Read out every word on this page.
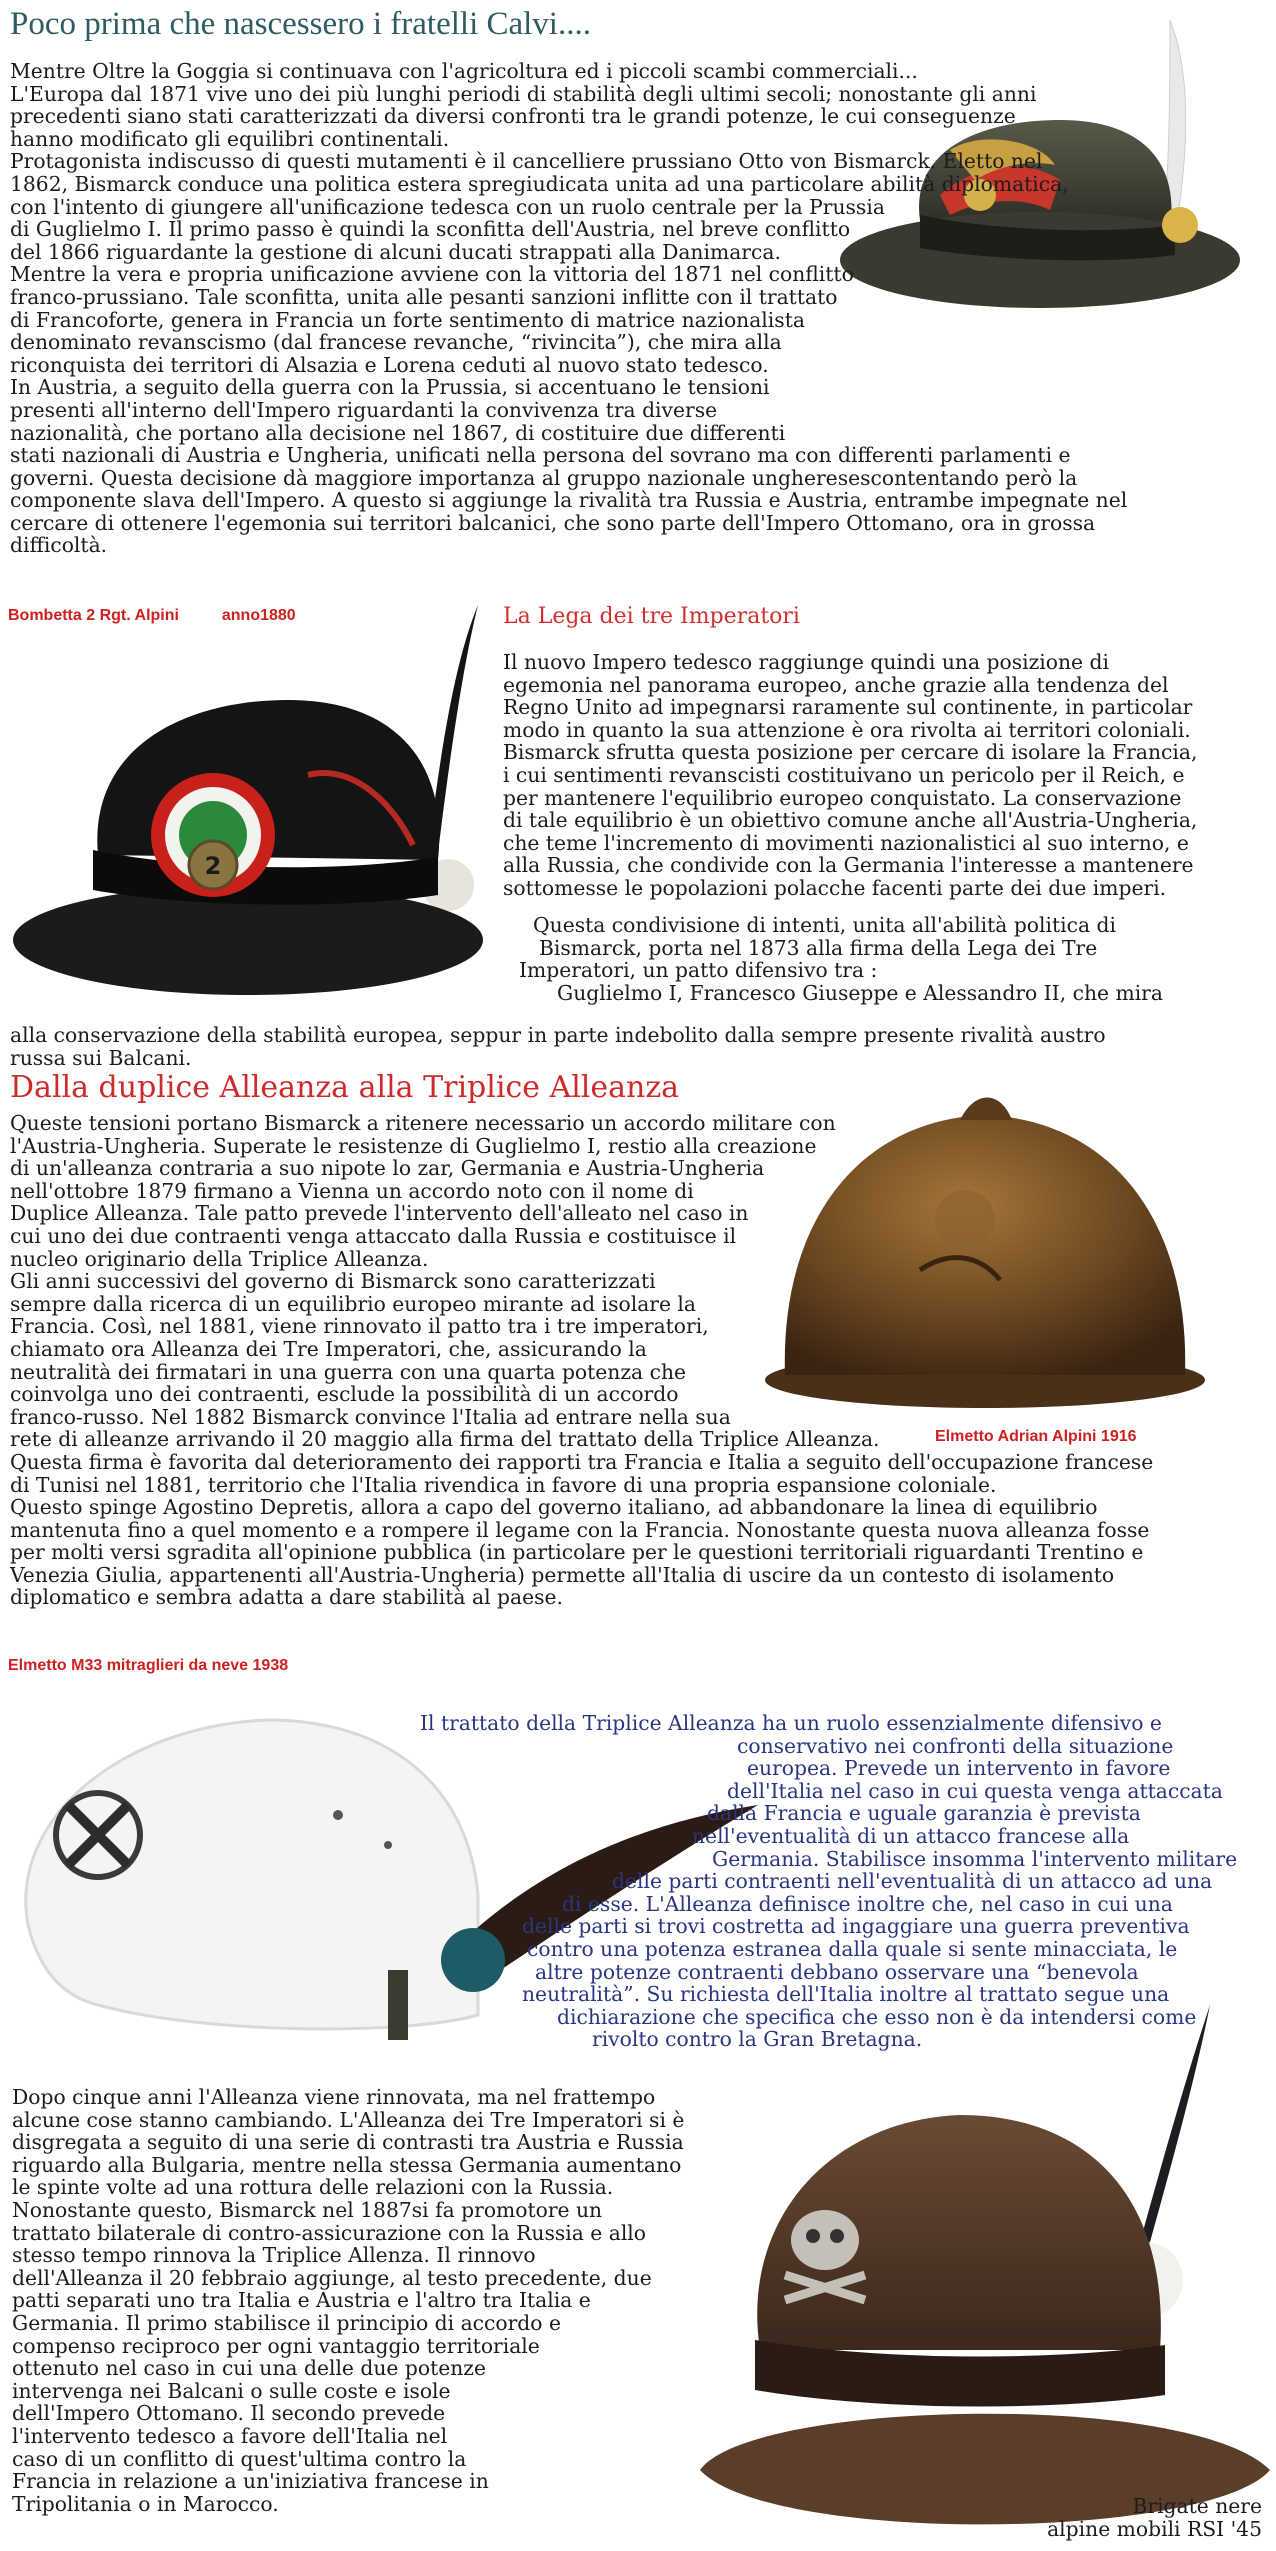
Poco prima che nascessero i fratelli Calvi....
Mentre Oltre la Goggia si continuava con l'agricoltura ed i piccoli scambi commerciali...
L'Europa dal 1871 vive uno dei più lunghi periodi di stabilità degli ultimi secoli; nonostante gli anni
precedenti siano stati caratterizzati da diversi confronti tra le grandi potenze, le cui conseguenze
hanno modificato gli equilibri continentali.
Protagonista indiscusso di questi mutamenti è il cancelliere prussiano Otto von Bismarck. Eletto nel
1862, Bismarck conduce una politica estera spregiudicata unita ad una particolare abilità diplomatica,
con l'intento di giungere all'unificazione tedesca con un ruolo centrale per la Prussia
di Guglielmo I. Il primo passo è quindi la sconfitta dell'Austria, nel breve conflitto
del 1866 riguardante la gestione di alcuni ducati strappati alla Danimarca.
Mentre la vera e propria unificazione avviene con la vittoria del 1871 nel conflitto
franco-prussiano. Tale sconfitta, unita alle pesanti sanzioni inflitte con il trattato
di Francoforte, genera in Francia un forte sentimento di matrice nazionalista
denominato revanscismo (dal francese revanche, “rivincita”), che mira alla
riconquista dei territori di Alsazia e Lorena ceduti al nuovo stato tedesco.
In Austria, a seguito della guerra con la Prussia, si accentuano le tensioni
presenti all'interno dell'Impero riguardanti la convivenza tra diverse
nazionalità, che portano alla decisione nel 1867, di costituire due differenti
stati nazionali di Austria e Ungheria, unificati nella persona del sovrano ma con differenti parlamenti e
governi. Questa decisione dà maggiore importanza al gruppo nazionale ungheresescontentando però la
componente slava dell'Impero. A questo si aggiunge la rivalità tra Russia e Austria, entrambe impegnate nel
cercare di ottenere l'egemonia sui territori balcanici, che sono parte dell'Impero Ottomano, ora in grossa
difficoltà.
Bombetta 2 Rgt. Alpini	anno1880
2
La Lega dei tre Imperatori
Il nuovo Impero tedesco raggiunge quindi una posizione di
egemonia nel panorama europeo, anche grazie alla tendenza del
Regno Unito ad impegnarsi raramente sul continente, in particolar
modo in quanto la sua attenzione è ora rivolta ai territori coloniali.
Bismarck sfrutta questa posizione per cercare di isolare la Francia,
i cui sentimenti revanscisti costituivano un pericolo per il Reich, e
per mantenere l'equilibrio europeo conquistato. La conservazione
di tale equilibrio è un obiettivo comune anche all'Austria-Ungheria,
che teme l'incremento di movimenti nazionalistici al suo interno, e
alla Russia, che condivide con la Germania l'interesse a mantenere
sottomesse le popolazioni polacche facenti parte dei due imperi.
Questa condivisione di intenti, unita all'abilità politica di
Bismarck, porta nel 1873 alla firma della Lega dei Tre
Imperatori, un patto difensivo tra :
Guglielmo I, Francesco Giuseppe e Alessandro II, che mira
alla conservazione della stabilità europea, seppur in parte indebolito dalla sempre presente rivalità austro
russa sui Balcani.
Dalla duplice Alleanza alla Triplice Alleanza
Queste tensioni portano Bismarck a ritenere necessario un accordo militare con
l'Austria-Ungheria. Superate le resistenze di Guglielmo I, restio alla creazione
di un'alleanza contraria a suo nipote lo zar, Germania e Austria-Ungheria
nell'ottobre 1879 firmano a Vienna un accordo noto con il nome di
Duplice Alleanza. Tale patto prevede l'intervento dell'alleato nel caso in
cui uno dei due contraenti venga attaccato dalla Russia e costituisce il
nucleo originario della Triplice Alleanza.
Gli anni successivi del governo di Bismarck sono caratterizzati
sempre dalla ricerca di un equilibrio europeo mirante ad isolare la
Francia. Così, nel 1881, viene rinnovato il patto tra i tre imperatori,
chiamato ora Alleanza dei Tre Imperatori, che, assicurando la
neutralità dei firmatari in una guerra con una quarta potenza che
coinvolga uno dei contraenti, esclude la possibilità di un accordo
franco-russo. Nel 1882 Bismarck convince l'Italia ad entrare nella sua
rete di alleanze arrivando il 20 maggio alla firma del trattato della Triplice Alleanza.
Questa firma è favorita dal deterioramento dei rapporti tra Francia e Italia a seguito dell'occupazione francese
di Tunisi nel 1881, territorio che l'Italia rivendica in favore di una propria espansione coloniale.
Questo spinge Agostino Depretis, allora a capo del governo italiano, ad abbandonare la linea di equilibrio
mantenuta fino a quel momento e a rompere il legame con la Francia. Nonostante questa nuova alleanza fosse
per molti versi sgradita all'opinione pubblica (in particolare per le questioni territoriali riguardanti Trentino e
Venezia Giulia, appartenenti all'Austria-Ungheria) permette all'Italia di uscire da un contesto di isolamento
diplomatico e sembra adatta a dare stabilità al paese.
Elmetto Adrian Alpini 1916
Elmetto M33 mitraglieri da neve 1938
Il trattato della Triplice Alleanza ha un ruolo essenzialmente difensivo e
conservativo nei confronti della situazione
europea. Prevede un intervento in favore
dell'Italia nel caso in cui questa venga attaccata
dalla Francia e uguale garanzia è prevista
nell'eventualità di un attacco francese alla
Germania. Stabilisce insomma l'intervento militare
delle parti contraenti nell'eventualità di un attacco ad una
di esse. L'Alleanza definisce inoltre che, nel caso in cui una
delle parti si trovi costretta ad ingaggiare una guerra preventiva
contro una potenza estranea dalla quale si sente minacciata, le
altre potenze contraenti debbano osservare una “benevola
neutralità”. Su richiesta dell'Italia inoltre al trattato segue una
dichiarazione che specifica che esso non è da intendersi come
rivolto contro la Gran Bretagna.
Dopo cinque anni l'Alleanza viene rinnovata, ma nel frattempo
alcune cose stanno cambiando. L'Alleanza dei Tre Imperatori si è
disgregata a seguito di una serie di contrasti tra Austria e Russia
riguardo alla Bulgaria, mentre nella stessa Germania aumentano
le spinte volte ad una rottura delle relazioni con la Russia.
Nonostante questo, Bismarck nel 1887si fa promotore un
trattato bilaterale di contro-assicurazione con la Russia e allo
stesso tempo rinnova la Triplice Allenza. Il rinnovo
dell'Alleanza il 20 febbraio aggiunge, al testo precedente, due
patti separati uno tra Italia e Austria e l'altro tra Italia e
Germania. Il primo stabilisce il principio di accordo e
compenso reciproco per ogni vantaggio territoriale
ottenuto nel caso in cui una delle due potenze
intervenga nei Balcani o sulle coste e isole
dell'Impero Ottomano. Il secondo prevede
l'intervento tedesco a favore dell'Italia nel
caso di un conflitto di quest'ultima contro la
Francia in relazione a un'iniziativa francese in
Tripolitania o in Marocco.	Brigate nere
alpine mobili RSI '45
